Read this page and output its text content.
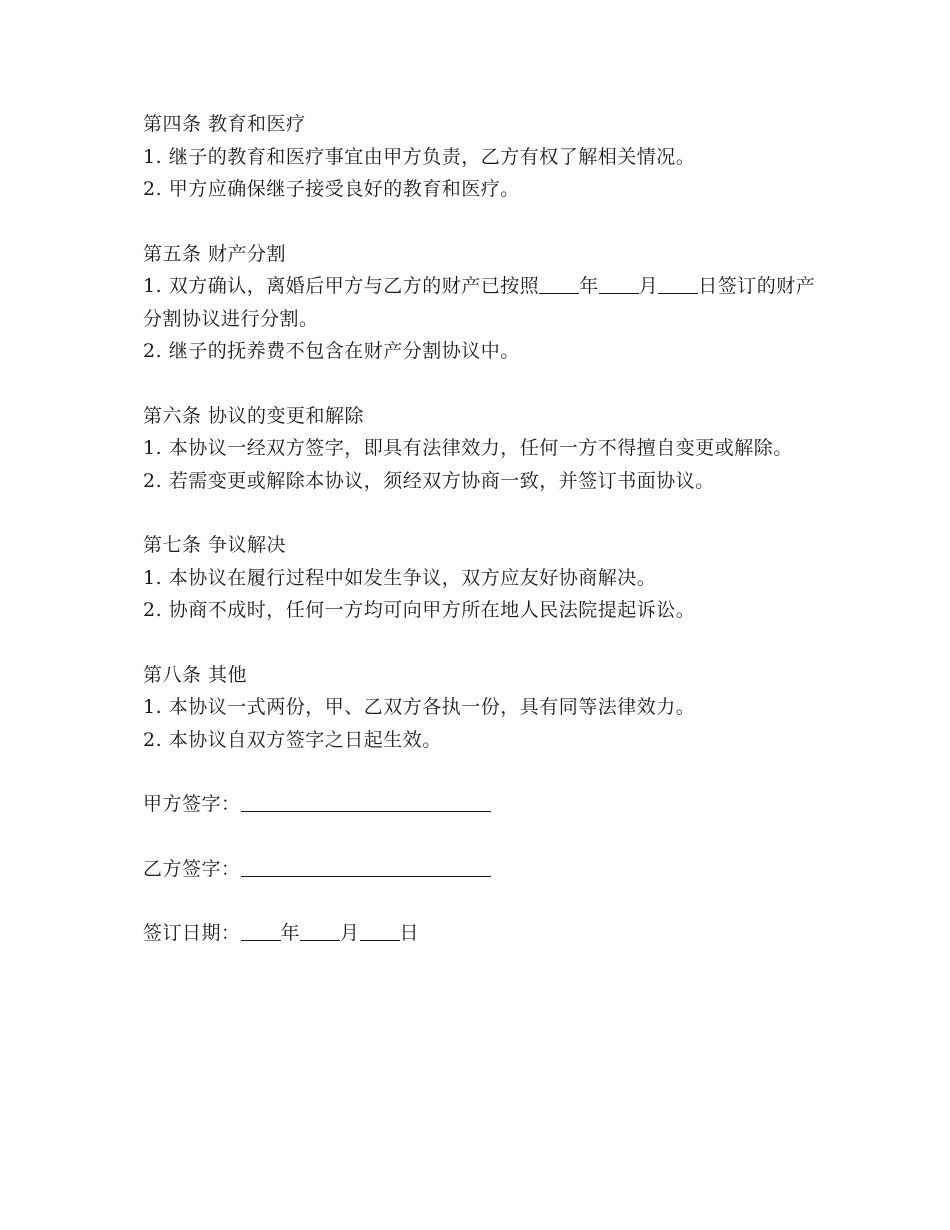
第四条 教育和医疗

1. 继子的教育和医疗事宜由甲方负责，乙方有权了解相关情况。

2. 甲方应确保继子接受良好的教育和医疗。

第五条 财产分割

1. 双方确认，离婚后甲方与乙方的财产已按照 年 月 日签订的财产分割协议进行分割。

2. 继子的抚养费不包含在财产分割协议中。

第六条 协议的变更和解除

1. 本协议一经双方签字，即具有法律效力，任何一方不得擅自变更或解除。

2. 若需变更或解除本协议，须经双方协商一致，并签订书面协议。

第七条 争议解决

1. 本协议在履行过程中如发生争议，双方应友好协商解决。

2. 协商不成时，任何一方均可向甲方所在地人民法院提起诉讼。

第八条 其他

1. 本协议一式两份，甲、乙双方各执一份，具有同等法律效力。

2. 本协议自双方签字之日起生效。

甲方签字：

乙方签字：

签订日期： 年 月 日
